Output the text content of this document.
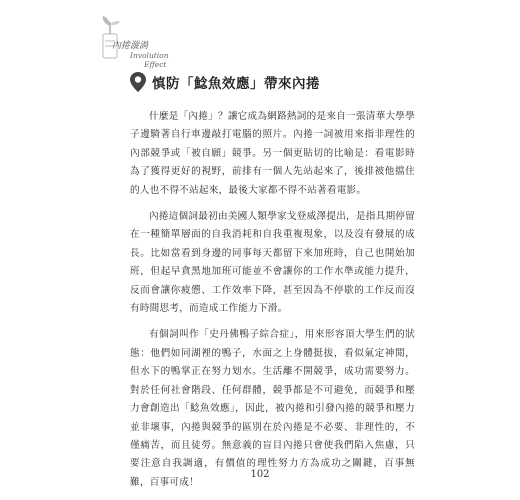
內捲漩渦
Involution
Effect
慎防「鯰魚效應」帶來內捲

什麼是「內捲」？讓它成為網路熱詞的是來自一張清華大學學子邊騎著自行車邊敲打電腦的照片。內捲一詞被用來指非理性的內部競爭或「被自願」競爭。另一個更貼切的比喻是：看電影時為了獲得更好的視野，前排有一個人先站起來了，後排被他擋住的人也不得不站起來，最後大家都不得不站著看電影。

內捲這個詞最初由美國人類學家戈登威澤提出，是指具期停留在一種簡單層面的自我消耗和自我重複現象，以及沒有發展的成長。比如當看到身邊的同事每天都留下來加班時，自己也開始加班，但起早貪黑地加班可能並不會讓你的工作水準或能力提升，反而會讓你疲憊、工作效率下降，甚至因為不停歇的工作反而沒有時間思考，而造成工作能力下滑。

有個詞叫作「史丹佛鴨子綜合症」，用來形容頂大學生們的狀態：他們如同湖裡的鴨子，水面之上身體挺拔，看似氣定神閒，但水下的鴨掌正在努力划水。生活離不開競爭，成功需要努力。對於任何社會階段、任何群體，競爭都是不可避免，而競爭和壓力會創造出「鯰魚效應」，因此，被內捲和引發內捲的競爭和壓力並非壞事，內捲與競爭的區別在於內捲是不必要、非理性的，不僅痛苦，而且徒勞。無意義的盲目內捲只會使我們陷入焦慮，只要注意自我調適，有價值的理性努力方為成功之關鍵，百事無難，百事可成！

102
